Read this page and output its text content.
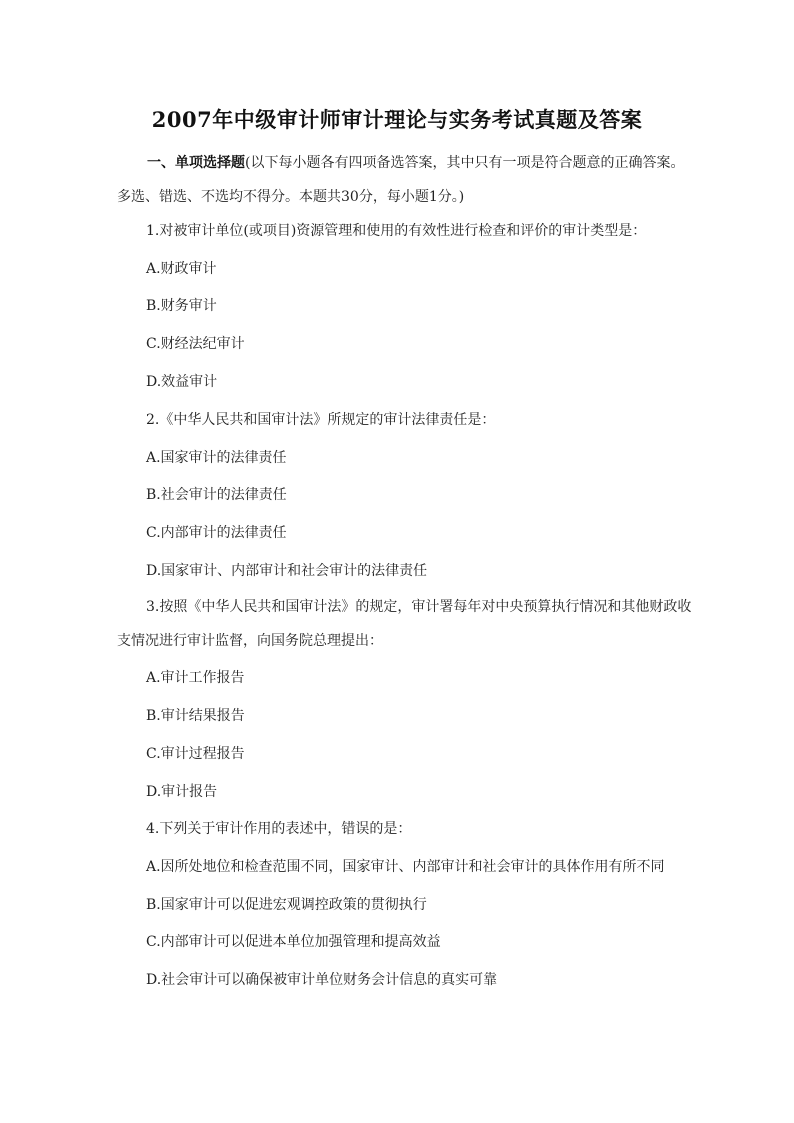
2007年中级审计师审计理论与实务考试真题及答案

一、单项选择题(以下每小题各有四项备选答案，其中只有一项是符合题意的正确答案。多选、错选、不选均不得分。本题共30分，每小题1分。)

1.对被审计单位(或项目)资源管理和使用的有效性进行检查和评价的审计类型是：

A.财政审计

B.财务审计

C.财经法纪审计

D.效益审计

2.《中华人民共和国审计法》所规定的审计法律责任是：

A.国家审计的法律责任

B.社会审计的法律责任

C.内部审计的法律责任

D.国家审计、内部审计和社会审计的法律责任

3.按照《中华人民共和国审计法》的规定，审计署每年对中央预算执行情况和其他财政收支情况进行审计监督，向国务院总理提出：

A.审计工作报告

B.审计结果报告

C.审计过程报告

D.审计报告

4.下列关于审计作用的表述中，错误的是：

A.因所处地位和检查范围不同，国家审计、内部审计和社会审计的具体作用有所不同

B.国家审计可以促进宏观调控政策的贯彻执行

C.内部审计可以促进本单位加强管理和提高效益

D.社会审计可以确保被审计单位财务会计信息的真实可靠
